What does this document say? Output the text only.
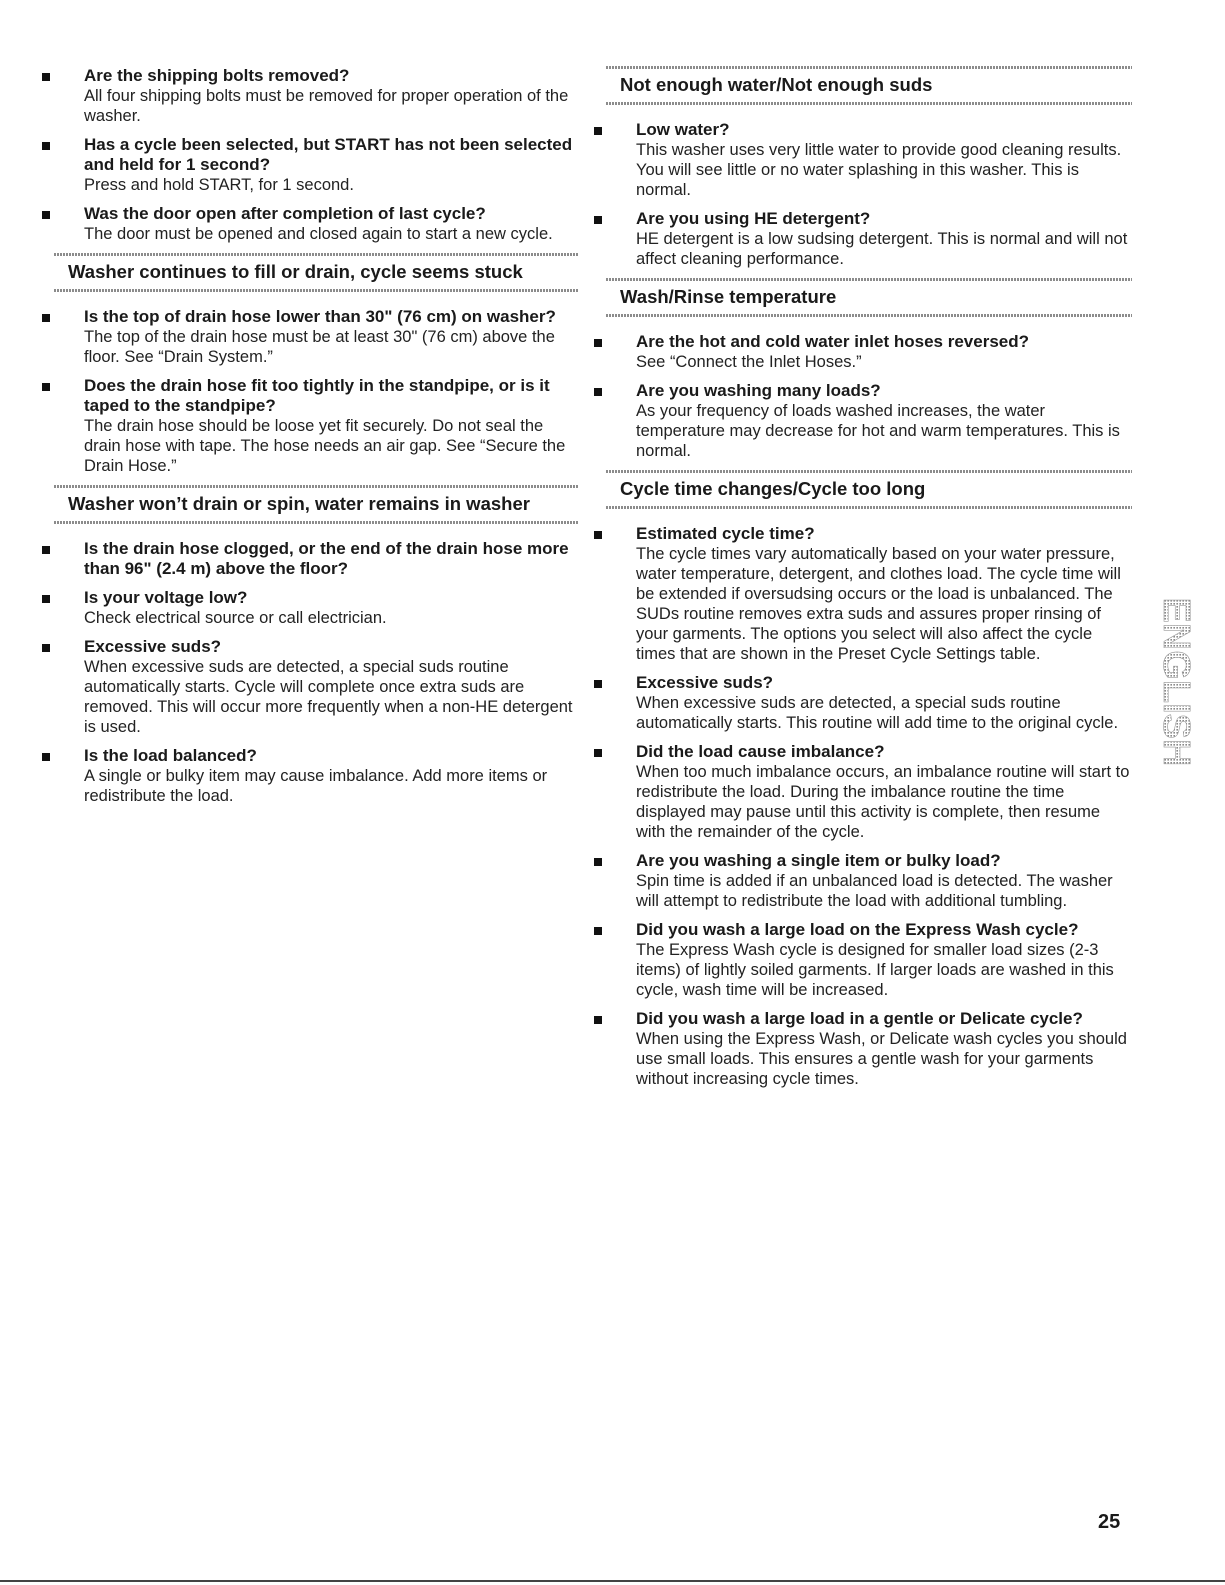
Are the shipping bolts removed?
All four shipping bolts must be removed for proper operation of the washer.
Has a cycle been selected, but START has not been selected and held for 1 second?
Press and hold START, for 1 second.
Was the door open after completion of last cycle?
The door must be opened and closed again to start a new cycle.
Washer continues to fill or drain, cycle seems stuck
Is the top of drain hose lower than 30" (76 cm) on washer?
The top of the drain hose must be at least 30" (76 cm) above the floor. See “Drain System.”
Does the drain hose fit too tightly in the standpipe, or is it taped to the standpipe?
The drain hose should be loose yet fit securely. Do not seal the drain hose with tape. The hose needs an air gap. See “Secure the Drain Hose.”
Washer won’t drain or spin, water remains in washer
Is the drain hose clogged, or the end of the drain hose more than 96" (2.4 m) above the floor?
Is your voltage low?
Check electrical source or call electrician.
Excessive suds?
When excessive suds are detected, a special suds routine automatically starts. Cycle will complete once extra suds are removed. This will occur more frequently when a non-HE detergent is used.
Is the load balanced?
A single or bulky item may cause imbalance. Add more items or redistribute the load.
Not enough water/Not enough suds
Low water?
This washer uses very little water to provide good cleaning results. You will see little or no water splashing in this washer. This is normal.
Are you using HE detergent?
HE detergent is a low sudsing detergent. This is normal and will not affect cleaning performance.
Wash/Rinse temperature
Are the hot and cold water inlet hoses reversed?
See “Connect the Inlet Hoses.”
Are you washing many loads?
As your frequency of loads washed increases, the water temperature may decrease for hot and warm temperatures. This is normal.
Cycle time changes/Cycle too long
Estimated cycle time?
The cycle times vary automatically based on your water pressure, water temperature, detergent, and clothes load. The cycle time will be extended if oversudsing occurs or the load is unbalanced. The SUDs routine removes extra suds and assures proper rinsing of your garments. The options you select will also affect the cycle times that are shown in the Preset Cycle Settings table.
Excessive suds?
When excessive suds are detected, a special suds routine automatically starts. This routine will add time to the original cycle.
Did the load cause imbalance?
When too much imbalance occurs, an imbalance routine will start to redistribute the load. During the imbalance routine the time displayed may pause until this activity is complete, then resume with the remainder of the cycle.
Are you washing a single item or bulky load?
Spin time is added if an unbalanced load is detected. The washer will attempt to redistribute the load with additional tumbling.
Did you wash a large load on the Express Wash cycle?
The Express Wash cycle is designed for smaller load sizes (2-3 items) of lightly soiled garments. If larger loads are washed in this cycle, wash time will be increased.
Did you wash a large load in a gentle or Delicate cycle?
When using the Express Wash, or Delicate wash cycles you should use small loads. This ensures a gentle wash for your garments without increasing cycle times.
ENGLISH
25
